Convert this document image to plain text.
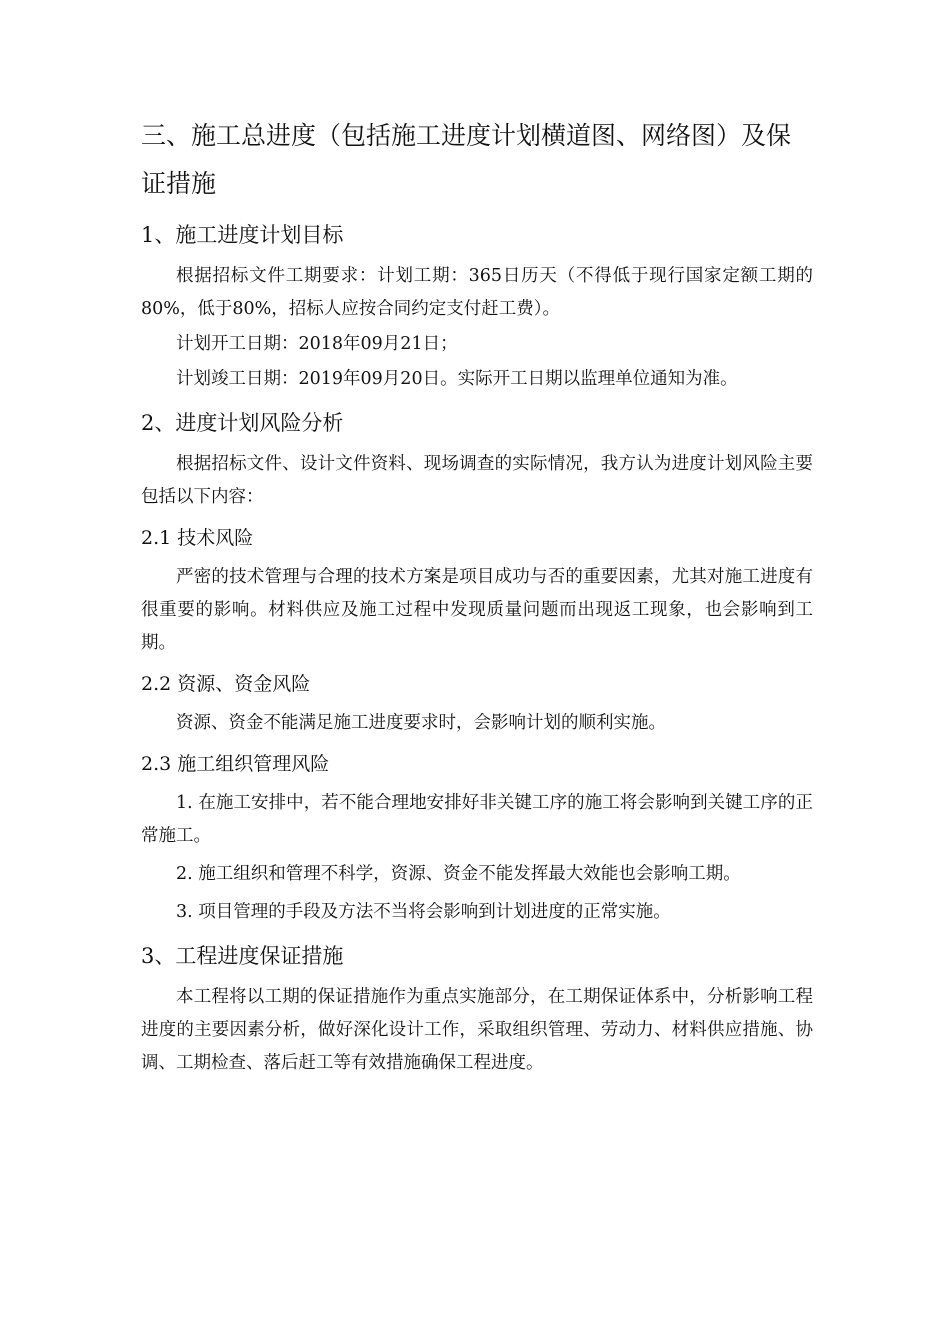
三、施工总进度（包括施工进度计划横道图、网络图）及保
证措施
1、施工进度计划目标

根据招标文件工期要求：计划工期：365日历天（不得低于现行国家定额工期的80%，低于80%，招标人应按合同约定支付赶工费）。

计划开工日期：2018年09月21日；

计划竣工日期：2019年09月20日。实际开工日期以监理单位通知为准。

2、进度计划风险分析

根据招标文件、设计文件资料、现场调查的实际情况，我方认为进度计划风险主要包括以下内容：

2.1 技术风险

严密的技术管理与合理的技术方案是项目成功与否的重要因素，尤其对施工进度有很重要的影响。材料供应及施工过程中发现质量问题而出现返工现象，也会影响到工期。

2.2 资源、资金风险

资源、资金不能满足施工进度要求时，会影响计划的顺利实施。

2.3 施工组织管理风险

1. 在施工安排中，若不能合理地安排好非关键工序的施工将会影响到关键工序的正常施工。

2. 施工组织和管理不科学，资源、资金不能发挥最大效能也会影响工期。

3. 项目管理的手段及方法不当将会影响到计划进度的正常实施。

3、工程进度保证措施

本工程将以工期的保证措施作为重点实施部分，在工期保证体系中，分析影响工程进度的主要因素分析，做好深化设计工作，采取组织管理、劳动力、材料供应措施、协调、工期检查、落后赶工等有效措施确保工程进度。
